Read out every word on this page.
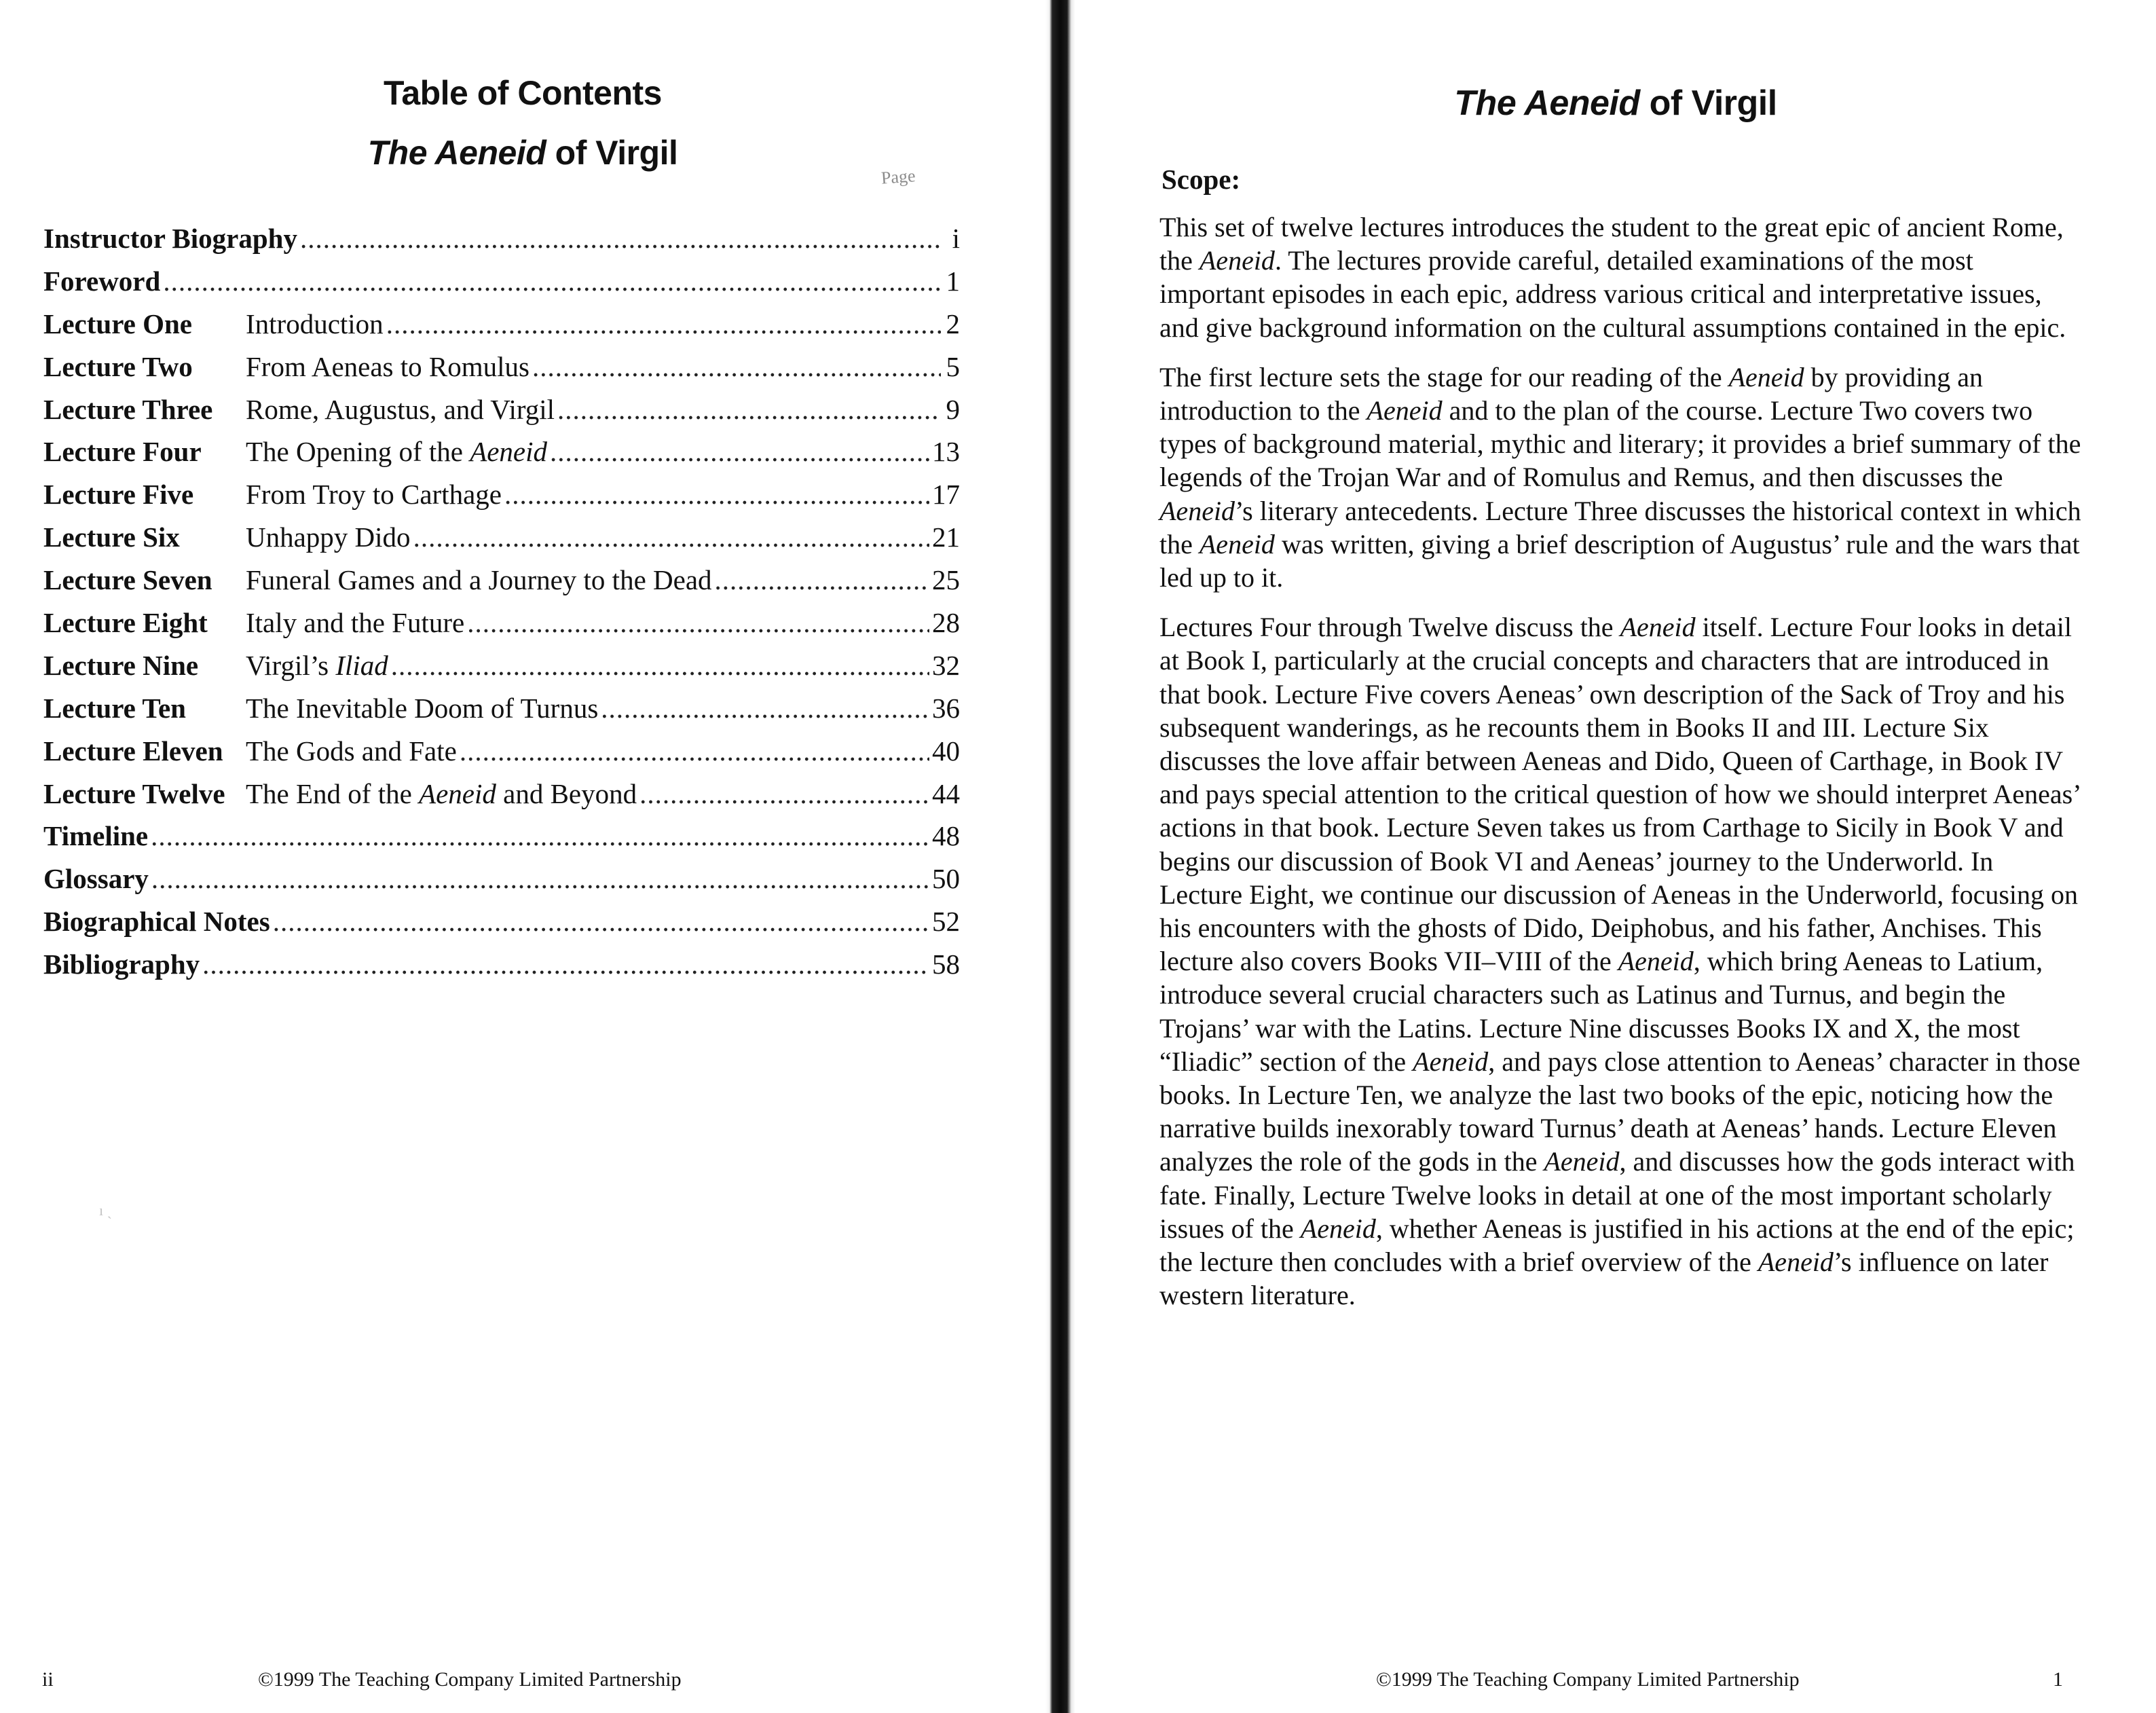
Table of Contents
The Aeneid of Virgil
Page
Instructor Biography .....	i
Foreword .....	1
Lecture One	Introduction .....	2
Lecture Two	From Aeneas to Romulus .....	5
Lecture Three	Rome, Augustus, and Virgil .....	9
Lecture Four	The Opening of the Aeneid .....	13
Lecture Five	From Troy to Carthage .....	17
Lecture Six	Unhappy Dido .....	21
Lecture Seven	Funeral Games and a Journey to the Dead .....	25
Lecture Eight	Italy and the Future .....	28
Lecture Nine	Virgil’s Iliad .....	32
Lecture Ten	The Inevitable Doom of Turnus .....	36
Lecture Eleven The Gods and Fate .....	40
Lecture Twelve The End of the Aeneid and Beyond .....	44
Timeline .....	48
Glossary .....	50
Biographical Notes .....	52
Bibliography .....	58
ı ˎ
ii	©1999 The Teaching Company Limited Partnership
The Aeneid of Virgil
Scope:

This set of twelve lectures introduces the student to the great epic of ancient Rome, the Aeneid. The lectures provide careful, detailed examinations of the most important episodes in each epic, address various critical and interpretative issues, and give background information on the cultural assumptions contained in the epic.

The first lecture sets the stage for our reading of the Aeneid by providing an introduction to the Aeneid and to the plan of the course. Lecture Two covers two types of background material, mythic and literary; it provides a brief summary of the legends of the Trojan War and of Romulus and Remus, and then discusses the Aeneid’s literary antecedents. Lecture Three discusses the historical context in which the Aeneid was written, giving a brief description of Augustus’ rule and the wars that led up to it.

Lectures Four through Twelve discuss the Aeneid itself. Lecture Four looks in detail at Book I, particularly at the crucial concepts and characters that are introduced in that book. Lecture Five covers Aeneas’ own description of the Sack of Troy and his subsequent wanderings, as he recounts them in Books II and III. Lecture Six discusses the love affair between Aeneas and Dido, Queen of Carthage, in Book IV and pays special attention to the critical question of how we should interpret Aeneas’ actions in that book. Lecture Seven takes us from Carthage to Sicily in Book V and begins our discussion of Book VI and Aeneas’ journey to the Underworld. In Lecture Eight, we continue our discussion of Aeneas in the Underworld, focusing on his encounters with the ghosts of Dido, Deiphobus, and his father, Anchises. This lecture also covers Books VII–VIII of the Aeneid, which bring Aeneas to Latium, introduce several crucial characters such as Latinus and Turnus, and begin the Trojans’ war with the Latins. Lecture Nine discusses Books IX and X, the most “Iliadic” section of the Aeneid, and pays close attention to Aeneas’ character in those books. In Lecture Ten, we analyze the last two books of the epic, noticing how the narrative builds inexorably toward Turnus’ death at Aeneas’ hands. Lecture Eleven analyzes the role of the gods in the Aeneid, and discusses how the gods interact with fate. Finally, Lecture Twelve looks in detail at one of the most important scholarly issues of the Aeneid, whether Aeneas is justified in his actions at the end of the epic; the lecture then concludes with a brief overview of the Aeneid’s influence on later western literature.

©1999 The Teaching Company Limited Partnership	1
